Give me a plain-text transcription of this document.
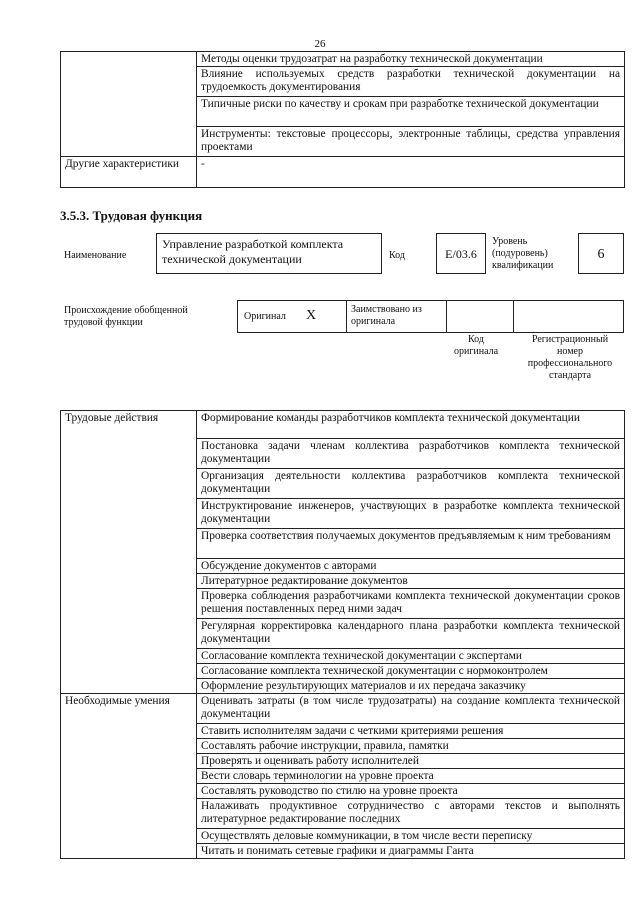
26
	Методы оценки трудозатрат на разработку технической документации
	Влияние используемых средств разработки технической документации на трудоемкость документирования
	Типичные риски по качеству и срокам при разработке технической документации
	Инструменты: текстовые процессоры, электронные таблицы, средства управления проектами
Другие характеристики	-
3.5.3. Трудовая функция
Наименование
Управление разработкой комплекта технической документации	Код	E/03.6
Уровень (подуровень) квалификации
6
Происхождение обобщенной трудовой функции
Оригинал X	Заимствовано из оригинала
Код оригинала
Регистрационный номер профессионального стандарта
Трудовые действия	Формирование команды разработчиков комплекта технической документации
	Постановка задачи членам коллектива разработчиков комплекта технической документации
	Организация деятельности коллектива разработчиков комплекта технической документации
	Инструктирование инженеров, участвующих в разработке комплекта технической документации
	Проверка соответствия получаемых документов предъявляемым к ним требованиям
	Обсуждение документов с авторами
	Литературное редактирование документов
	Проверка соблюдения разработчиками комплекта технической документации сроков решения поставленных перед ними задач
	Регулярная корректировка календарного плана разработки комплекта технической документации
	Согласование комплекта технической документации с экспертами
	Согласование комплекта технической документации с нормоконтролем
	Оформление результирующих материалов и их передача заказчику
Необходимые умения	Оценивать затраты (в том числе трудозатраты) на создание комплекта технической документации
	Ставить исполнителям задачи с четкими критериями решения
	Составлять рабочие инструкции, правила, памятки
	Проверять и оценивать работу исполнителей
	Вести словарь терминологии на уровне проекта
	Составлять руководство по стилю на уровне проекта
	Налаживать продуктивное сотрудничество с авторами текстов и выполнять литературное редактирование последних
	Осуществлять деловые коммуникации, в том числе вести переписку
	Читать и понимать сетевые графики и диаграммы Ганта
